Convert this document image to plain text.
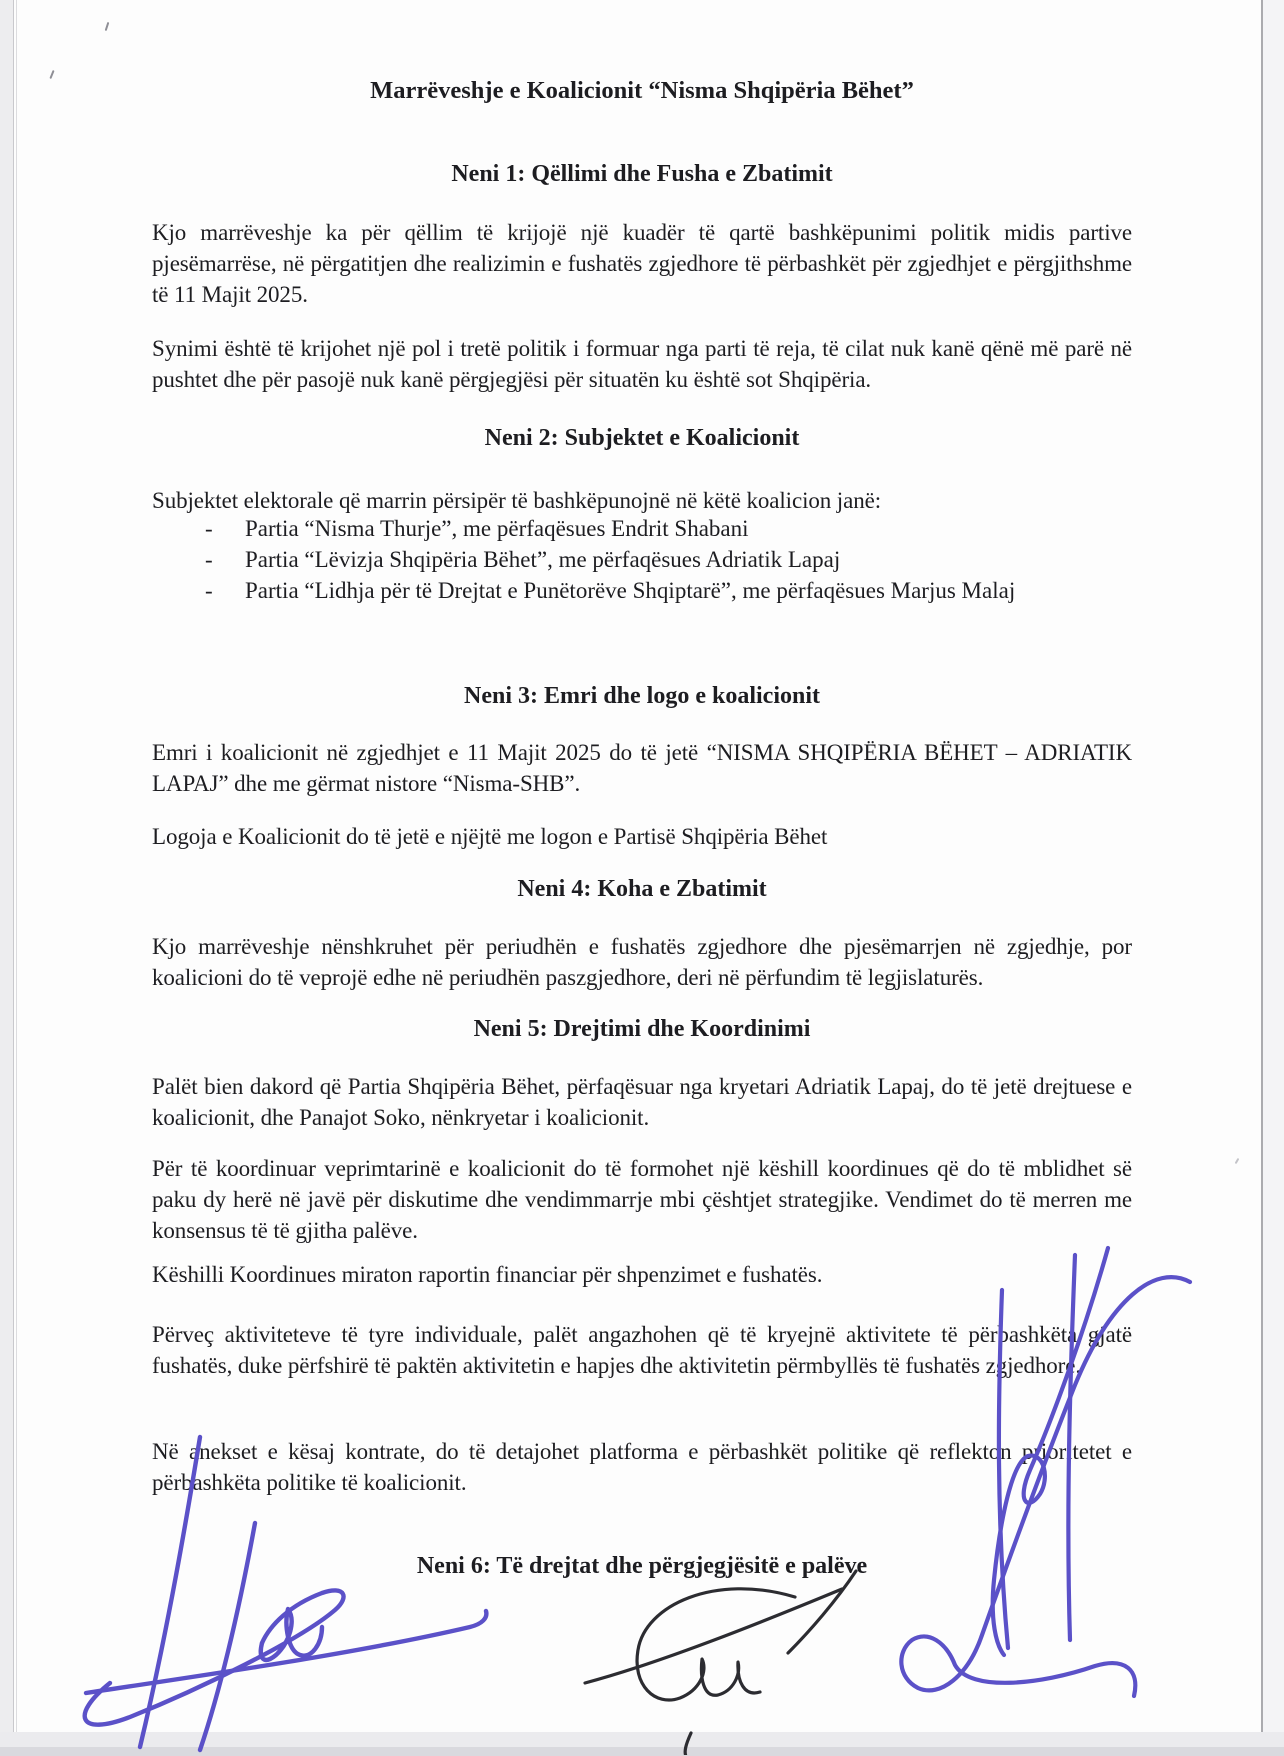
Marrëveshje e Koalicionit “Nisma Shqipëria Bëhet”
Neni 1: Qëllimi dhe Fusha e Zbatimit

Kjo marrëveshje ka për qëllim të krijojë një kuadër të qartë bashkëpunimi politik midis partive pjesëmarrëse, në përgatitjen dhe realizimin e fushatës zgjedhore të përbashkët për zgjedhjet e përgjithshme të 11 Majit 2025.

Synimi është të krijohet një pol i tretë politik i formuar nga parti të reja, të cilat nuk kanë qënë më parë në pushtet dhe për pasojë nuk kanë përgjegjësi për situatën ku është sot Shqipëria.

Neni 2: Subjektet e Koalicionit

Subjektet elektorale që marrin përsipër të bashkëpunojnë në këtë koalicion janë:

-	Partia “Nisma Thurje”, me përfaqësues Endrit Shabani
-	Partia “Lëvizja Shqipëria Bëhet”, me përfaqësues Adriatik Lapaj
-	Partia “Lidhja për të Drejtat e Punëtorëve Shqiptarë”, me përfaqësues Marjus Malaj
Neni 3: Emri dhe logo e koalicionit

Emri i koalicionit në zgjedhjet e 11 Majit 2025 do të jetë “NISMA SHQIPËRIA BËHET – ADRIATIK LAPAJ” dhe me gërmat nistore “Nisma-SHB”.

Logoja e Koalicionit do të jetë e njëjtë me logon e Partisë Shqipëria Bëhet

Neni 4: Koha e Zbatimit

Kjo marrëveshje nënshkruhet për periudhën e fushatës zgjedhore dhe pjesëmarrjen në zgjedhje, por koalicioni do të veprojë edhe në periudhën paszgjedhore, deri në përfundim të legjislaturës.

Neni 5: Drejtimi dhe Koordinimi

Palët bien dakord që Partia Shqipëria Bëhet, përfaqësuar nga kryetari Adriatik Lapaj, do të jetë drejtuese e koalicionit, dhe Panajot Soko, nënkryetar i koalicionit.

Për të koordinuar veprimtarinë e koalicionit do të formohet një këshill koordinues që do të mblidhet së paku dy herë në javë për diskutime dhe vendimmarrje mbi çështjet strategjike. Vendimet do të merren me konsensus të të gjitha palëve.

Këshilli Koordinues miraton raportin financiar për shpenzimet e fushatës.

Përveç aktiviteteve të tyre individuale, palët angazhohen që të kryejnë aktivitete të përbashkëta gjatë fushatës, duke përfshirë të paktën aktivitetin e hapjes dhe aktivitetin përmbyllës të fushatës zgjedhore.

Në anekset e kësaj kontrate, do të detajohet platforma e përbashkët politike që reflekton prioritetet e përbashkëta politike të koalicionit.

Neni 6: Të drejtat dhe përgjegjësitë e palëve
